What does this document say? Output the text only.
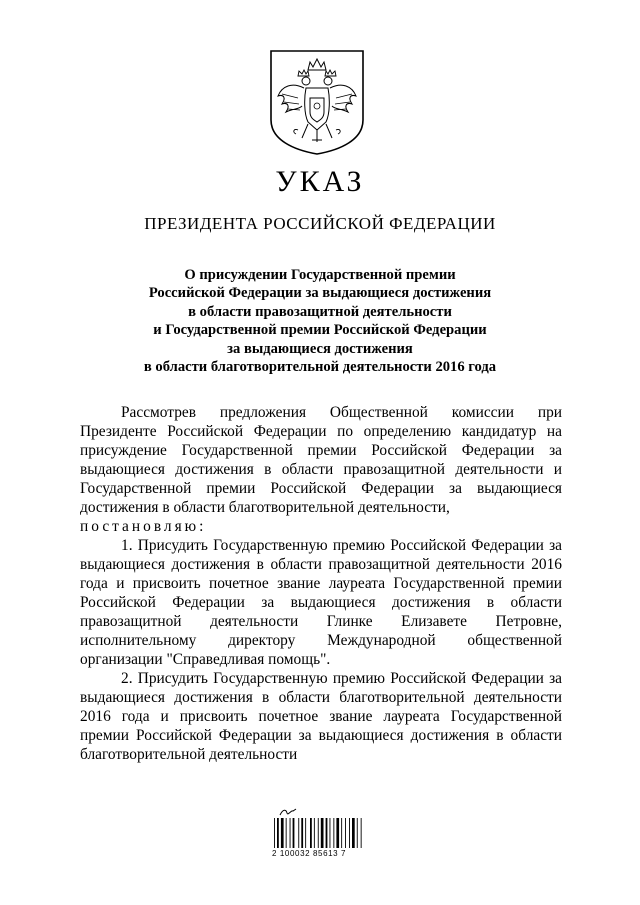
УКАЗ
ПРЕЗИДЕНТА РОССИЙСКОЙ ФЕДЕРАЦИИ
О присуждении Государственной премии
Российской Федерации за выдающиеся достижения
в области правозащитной деятельности
и Государственной премии Российской Федерации
за выдающиеся достижения
в области благотворительной деятельности 2016 года

Рассмотрев предложения Общественной комиссии при Президенте Российской Федерации по определению кандидатур на присуждение Государственной премии Российской Федерации за выдающиеся достижения в области правозащитной деятельности и Государственной премии Российской Федерации за выдающиеся достижения в области благотворительной деятельности,

постановляю:

1. Присудить Государственную премию Российской Федерации за выдающиеся достижения в области правозащитной деятельности 2016 года и присвоить почетное звание лауреата Государственной премии Российской Федерации за выдающиеся достижения в области правозащитной деятельности Глинке Елизавете Петровне, исполнительному директору Международной общественной организации "Справедливая помощь".

2. Присудить Государственную премию Российской Федерации за выдающиеся достижения в области благотворительной деятельности 2016 года и присвоить почетное звание лауреата Государственной премии Российской Федерации за выдающиеся достижения в области благотворительной деятельности

2 100032 85613 7
